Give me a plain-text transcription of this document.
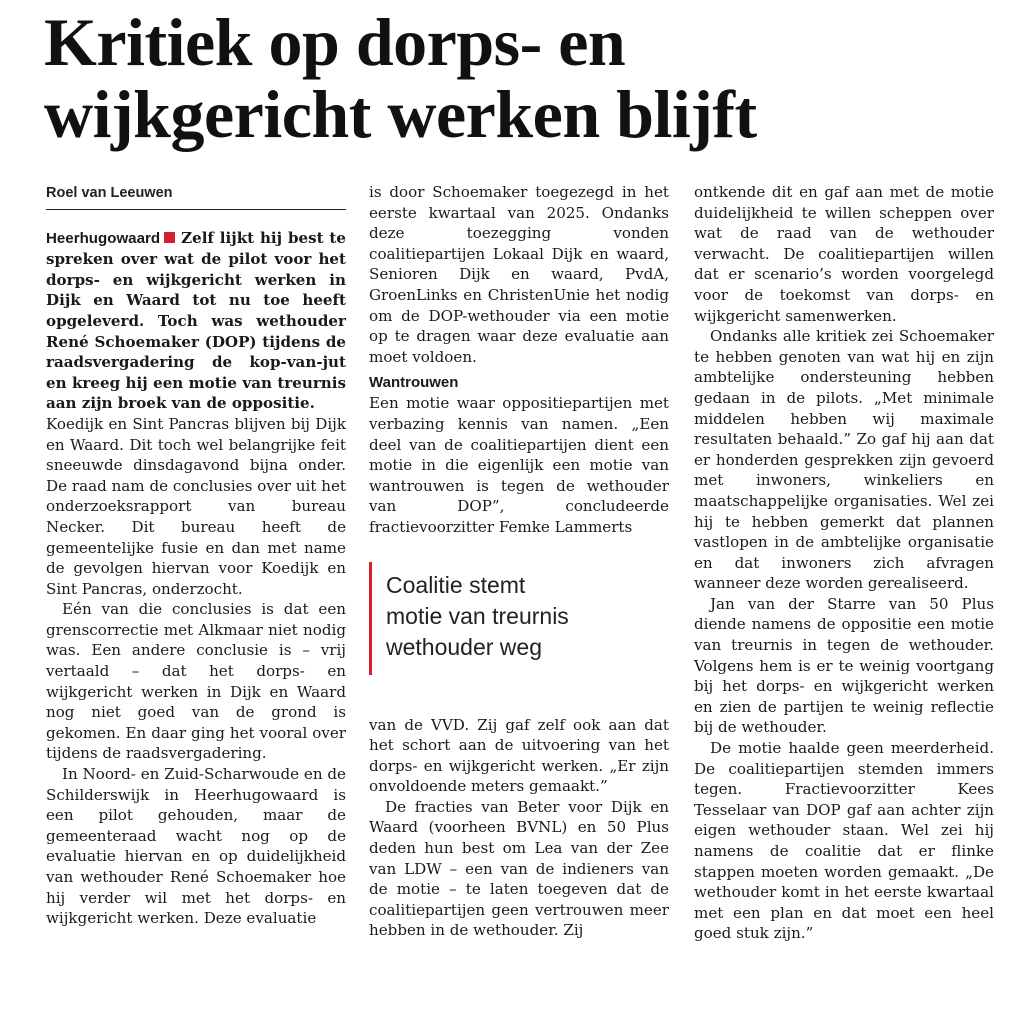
Kritiek op dorps- en
wijkgericht werken blijft
Roel van Leeuwen

Heerhugowaard Zelf lijkt hij best te spreken over wat de pilot voor het dorps- en wijkgericht werken in Dijk en Waard tot nu toe heeft opgeleverd. Toch was wethouder René Schoemaker (DOP) tijdens de raadsvergadering de kop-van-jut en kreeg hij een motie van treurnis aan zijn broek van de oppositie.

Koedijk en Sint Pancras blijven bij Dijk en Waard. Dit toch wel belangrijke feit sneeuwde dinsdagavond bijna onder. De raad nam de conclusies over uit het onderzoeksrapport van bureau Necker. Dit bureau heeft de gemeentelijke fusie en dan met name de gevolgen hiervan voor Koedijk en Sint Pancras, onderzocht.

Eén van die conclusies is dat een grenscorrectie met Alkmaar niet nodig was. Een andere conclusie is – vrij vertaald – dat het dorps- en wijkgericht werken in Dijk en Waard nog niet goed van de grond is gekomen. En daar ging het vooral over tijdens de raadsvergadering.

In Noord- en Zuid-Scharwoude en de Schilderswijk in Heerhugowaard is een pilot gehouden, maar de gemeenteraad wacht nog op de evaluatie hiervan en op duidelijkheid van wethouder René Schoemaker hoe hij verder wil met het dorps- en wijkgericht werken. Deze evaluatie

is door Schoemaker toegezegd in het eerste kwartaal van 2025. Ondanks deze toezegging vonden coalitiepartijen Lokaal Dijk en waard, Senioren Dijk en waard, PvdA, GroenLinks en ChristenUnie het nodig om de DOP-wethouder via een motie op te dragen waar deze evaluatie aan moet voldoen.

Wantrouwen

Een motie waar oppositiepartijen met verbazing kennis van namen. „Een deel van de coalitiepartijen dient een motie in die eigenlijk een motie van wantrouwen is tegen de wethouder van DOP”, concludeerde fractievoorzitter Femke Lammerts

Coalitie stemt
motie van treurnis
wethouder weg

van de VVD. Zij gaf zelf ook aan dat het schort aan de uitvoering van het dorps- en wijkgericht werken. „Er zijn onvoldoende meters gemaakt.”

De fracties van Beter voor Dijk en Waard (voorheen BVNL) en 50 Plus deden hun best om Lea van der Zee van LDW – een van de indieners van de motie – te laten toegeven dat de coalitiepartijen geen vertrouwen meer hebben in de wethouder. Zij

ontkende dit en gaf aan met de motie duidelijkheid te willen scheppen over wat de raad van de wethouder verwacht. De coalitiepartijen willen dat er scenario’s worden voorgelegd voor de toekomst van dorps- en wijkgericht samenwerken.

Ondanks alle kritiek zei Schoemaker te hebben genoten van wat hij en zijn ambtelijke ondersteuning hebben gedaan in de pilots. „Met minimale middelen hebben wij maximale resultaten behaald.” Zo gaf hij aan dat er honderden gesprekken zijn gevoerd met inwoners, winkeliers en maatschappelijke organisaties. Wel zei hij te hebben gemerkt dat plannen vastlopen in de ambtelijke organisatie en dat inwoners zich afvragen wanneer deze worden gerealiseerd.

Jan van der Starre van 50 Plus diende namens de oppositie een motie van treurnis in tegen de wethouder. Volgens hem is er te weinig voortgang bij het dorps- en wijkgericht werken en zien de partijen te weinig reflectie bij de wethouder.

De motie haalde geen meerderheid. De coalitiepartijen stemden immers tegen. Fractievoorzitter Kees Tesselaar van DOP gaf aan achter zijn eigen wethouder staan. Wel zei hij namens de coalitie dat er flinke stappen moeten worden gemaakt. „De wethouder komt in het eerste kwartaal met een plan en dat moet een heel goed stuk zijn.”
